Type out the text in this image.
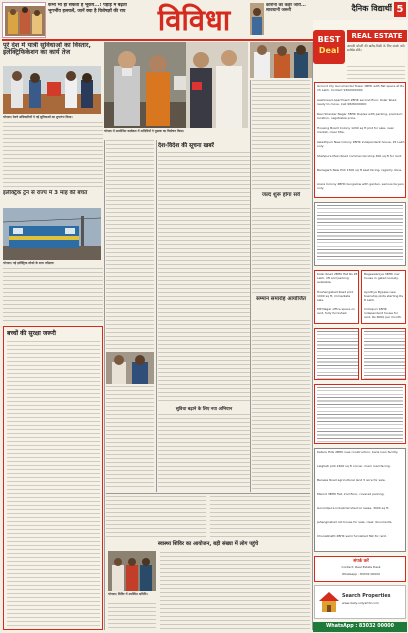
कभी भी हो सकता है भूकंप...! पहाड़ में बढ़ता भूगर्भीय हलचलें, जानें क्या है विशेषज्ञों की राय	विविधा	कोरोना का कहर जारी... सावधानी जरूरी	दैनिक विद्यार्थी 5
पूरे देश में यात्री सुविधाओं का विस्तार, इलेक्ट्रिफिकेशन का कार्य तेज
भोपाल। रेलवे अधिकारियों ने नई सुविधाओं का शुभारंभ किया।
भोपाल में आयोजित कार्यक्रम में अतिथियों ने पुस्तक का विमोचन किया।
इलेक्ट्रिक ट्रेन से राज्य में 3 माह की बचत
भोपाल। नई इलेक्ट्रिक लोको के साथ परीक्षण।
बच्चों की सुरक्षा जरूरी
देश-विदेश की सूचना खबरें
सुविधा बढ़ाने के लिए नया अभियान
जल्द शुरू होगा सर्वे
सम्मान समारोह आयोजित
स्वास्थ्य शिविर का आयोजन, बड़ी संख्या में लोग पहुंचे
भोपाल। शिविर में उपस्थित अतिथि।
BEST
Deal
REAL ESTATE
आपकी प्रॉपर्टी की खरीद-बिक्री के लिए संपर्क करें। सर्वश्रेष्ठ सौदे।
Ground Cty Gurumandal Tower 1BHK with flat space at Rs 15 Lakh. Contact 9300000000
Aashirwad Apartment 2BHK second floor, Kolar Road, ready to move. Call 9826000000
Ravi Shankar Nagar 3BHK Duplex with parking, premium location, negotiable price.
Housing Board Colony 1200 sq ft plot for sale, near market, clear title.
Awadhpuri New Colony 2BHK independent house, 25 Lakh only.
Shahpura Main Road commercial shop 400 sq ft for rent.
Bairagarh New Plot 1500 sq ft east facing, registry done.
Arera Colony 4BHK bungalow with garden, serious buyers only.
Kolar Road 2BHK flat Rs 28 Lakh, lift and parking available.
Hoshangabad Road plot 1000 sq ft, immediate sale.
MP Nagar office space on rent, fully furnished.
Bagsewaniya 3BHK row house in gated society.
Ayodhya Bypass new township plots starting Rs 8 Lakh.
Indrapuri 1BHK independent house for rent, Rs 6000 per month.
Katara Hills 2BHK new construction, bank loan facility.
Lalghati plot 2400 sq ft corner, main road facing.
Berasia Road agricultural land 5 acre for sale.
Misrod 3BHK flat, 2nd floor, covered parking.
Govindpura industrial shed on lease, 3000 sq ft.
Jahangirabad old house for sale, clear documents.
Chunabhatti 2BHK semi furnished flat for rent.
संपर्क करें
Contact: Real Estate Desk
Whatsapp : 83032 00000
Search Properties
www.daily-vidyarthi.com
WhatsApp : 83032 00000
